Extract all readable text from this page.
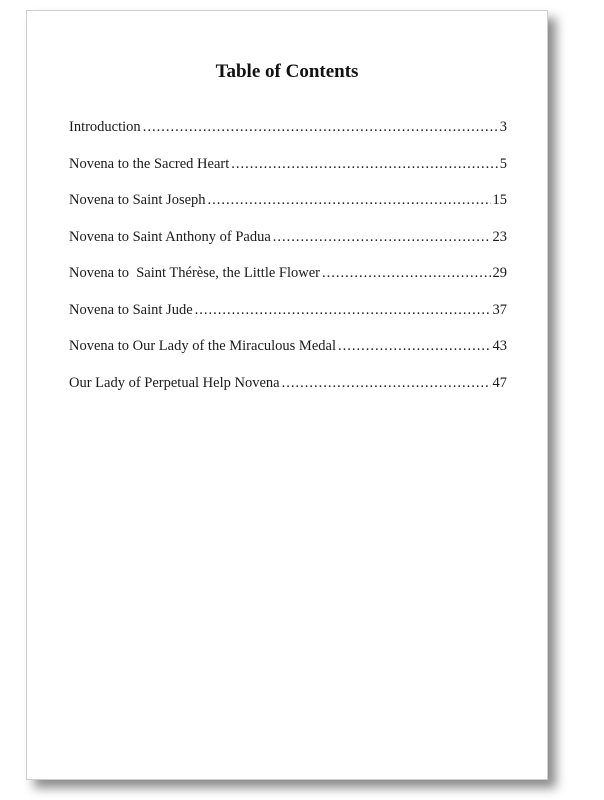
Table of Contents
Introduction .....	3
Novena to the Sacred Heart .....	5
Novena to Saint Joseph .....	15
Novena to Saint Anthony of Padua .....	23
Novena to  Saint Thérèse, the Little Flower .....	29
Novena to Saint Jude .....	37
Novena to Our Lady of the Miraculous Medal .....	43
Our Lady of Perpetual Help Novena .....	47
